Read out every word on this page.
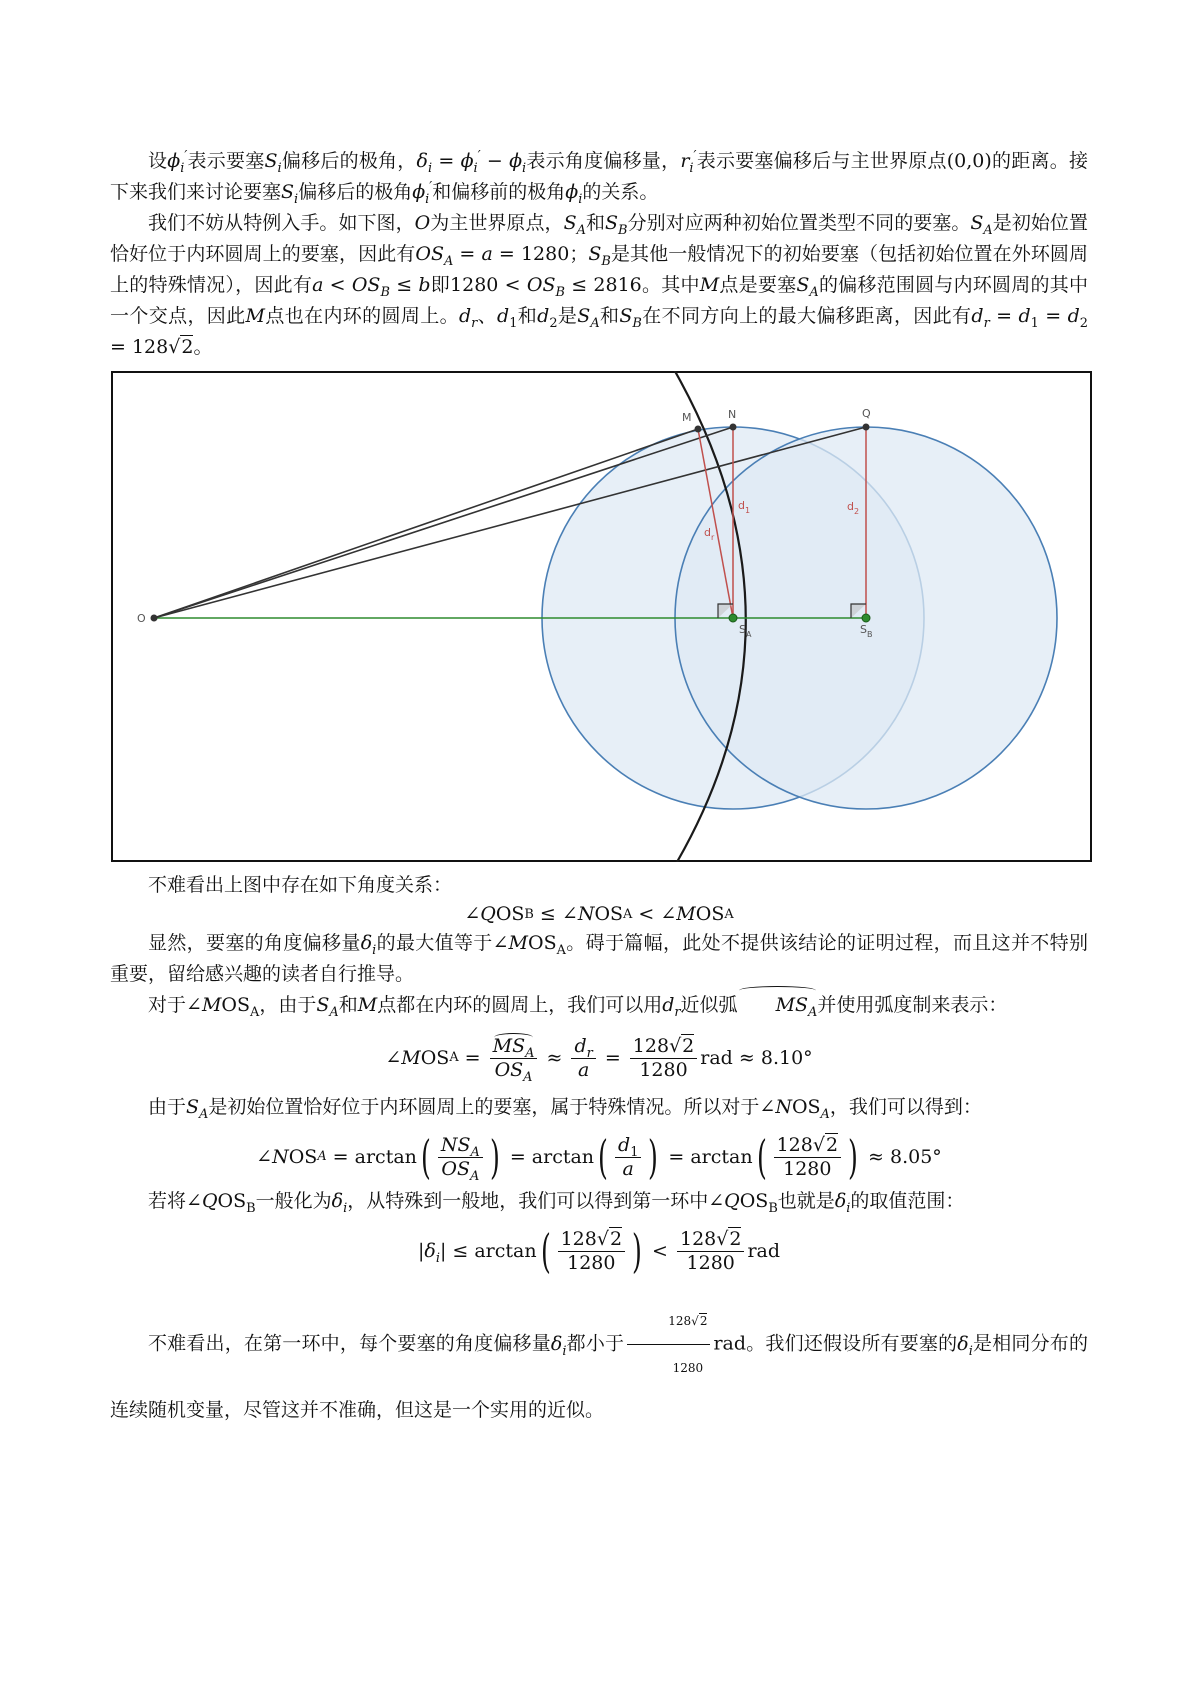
设$\phi_i'$表示要塞$S_i$偏移后的极角，$\delta_i = \phi_i' - \phi_i$表示角度偏移量，$r_i'$表示要塞偏移后与主世界原点(0,0)的距离。接下来我们来讨论要塞$S_i$偏移后的极角$\phi_i'$和偏移前的极角$\phi_i$的关系。

我们不妨从特例入手。如下图，O为主世界原点，$S_A$和$S_B$分别对应两种初始位置类型不同的要塞。$S_A$是初始位置恰好位于内环圆周上的要塞，因此有$OS_A = a = 1280$；$S_B$是其他一般情况下的初始要塞（包括初始位置在外环圆周上的特殊情况），因此有$a < OS_B \le b$即$1280 < OS_B \le 2816$。其中M点是要塞$S_A$的偏移范围圆与内环圆周的其中一个交点，因此M点也在内环的圆周上。$d_r$、$d_1$和$d_2$是$S_A$和$S_B$在不同方向上的最大偏移距离，因此有$d_r = d_1 = d_2 = 128√2$。

不难看出上图中存在如下角度关系：

∠ Q OS B ≤ ∠ N OS A < ∠ M OS A

显然，要塞的角度偏移量$\delta_i$的最大值等于$\angle MOS_A$。碍于篇幅，此处不提供该结论的证明过程，而且这并不特别重要，留给感兴趣的读者自行推导。

对于$\angle MOS_A$，由于$S_A$和M点都在内环的圆周上，我们可以用$d_r$近似弧 $MS_A$并使用弧度制来表示：

∠ M OS $A = \frac{MS_A}{OS_A} \approx \frac{d_r}{a} = \frac{128√2}{1280}$ rad
≈ 8.10°

由于$S_A$是初始位置恰好位于内环圆周上的要塞，属于特殊情况。所以对于$\angle NOS_A$，我们可以得到：

∠ N OS A = arctan ( $\frac{NS_A}{OS_A}$ ) = arctan ( $\frac{d_1}{a}$ ) = arctan ( $\frac{128√2}{1280}$ )
≈ 8.05°

若将$\angle QOS_B$一般化为$\delta_i$，从特殊到一般地，我们可以得到第一环中$\angle QOS_B$也就是$\delta_i$的取值范围：

| $\delta_i$ | ≤ arctan ( $\frac{128√2}{1280}$ ) < $\frac{128√2}{1280}$ rad

不难看出，在第一环中，每个要塞的角度偏移量$\delta_i$都小于 $\frac{128√2}{1280}$ rad。我们还假设所有要塞的$\delta_i$是相同分布的连续随机变量，尽管这并不准确，但这是一个实用的近似。

O
M	N	Q
$S_A$	$S_B$
$d_r$
$d_1$	$d_2$
